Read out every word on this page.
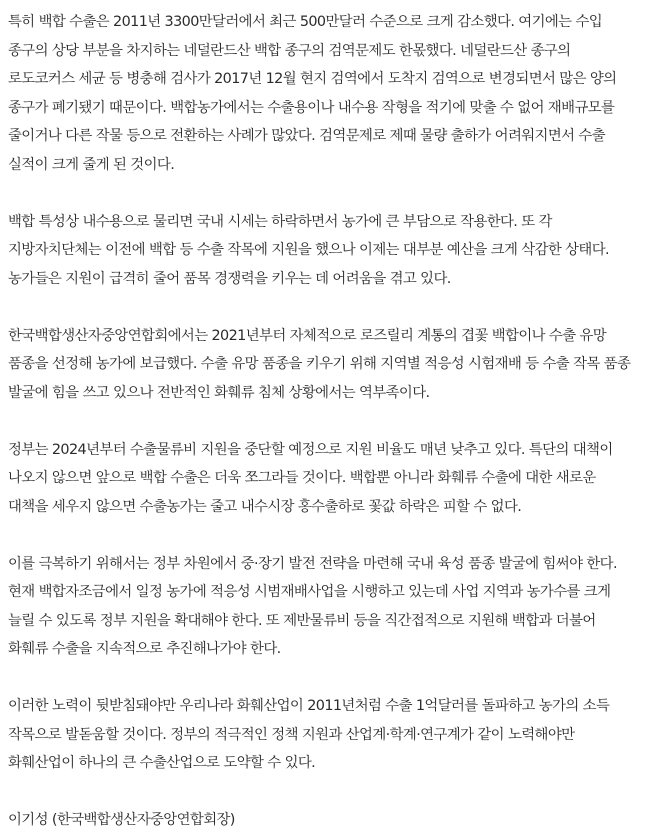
특히 백합 수출은 2011년 3300만달러에서 최근 500만달러 수준으로 크게 감소했다. 여기에는 수입 종구의 상당 부분을 차지하는 네덜란드산 백합 종구의 검역문제도 한몫했다. 네덜란드산 종구의 로도코커스 세균 등 병충해 검사가 2017년 12월 현지 검역에서 도착지 검역으로 변경되면서 많은 양의 종구가 폐기됐기 때문이다. 백합농가에서는 수출용이나 내수용 작형을 적기에 맞출 수 없어 재배규모를 줄이거나 다른 작물 등으로 전환하는 사례가 많았다. 검역문제로 제때 물량 출하가 어려워지면서 수출 실적이 크게 줄게 된 것이다.

백합 특성상 내수용으로 물리면 국내 시세는 하락하면서 농가에 큰 부담으로 작용한다. 또 각 지방자치단체는 이전에 백합 등 수출 작목에 지원을 했으나 이제는 대부분 예산을 크게 삭감한 상태다. 농가들은 지원이 급격히 줄어 품목 경쟁력을 키우는 데 어려움을 겪고 있다.

한국백합생산자중앙연합회에서는 2021년부터 자체적으로 로즈릴리 계통의 겹꽃 백합이나 수출 유망 품종을 선정해 농가에 보급했다. 수출 유망 품종을 키우기 위해 지역별 적응성 시험재배 등 수출 작목 품종 발굴에 힘을 쓰고 있으나 전반적인 화훼류 침체 상황에서는 역부족이다.

정부는 2024년부터 수출물류비 지원을 중단할 예정으로 지원 비율도 매년 낮추고 있다. 특단의 대책이 나오지 않으면 앞으로 백합 수출은 더욱 쪼그라들 것이다. 백합뿐 아니라 화훼류 수출에 대한 새로운 대책을 세우지 않으면 수출농가는 줄고 내수시장 홍수출하로 꽃값 하락은 피할 수 없다.

이를 극복하기 위해서는 정부 차원에서 중·장기 발전 전략을 마련해 국내 육성 품종 발굴에 힘써야 한다. 현재 백합자조금에서 일정 농가에 적응성 시범재배사업을 시행하고 있는데 사업 지역과 농가수를 크게 늘릴 수 있도록 정부 지원을 확대해야 한다. 또 제반물류비 등을 직간접적으로 지원해 백합과 더불어 화훼류 수출을 지속적으로 추진해나가야 한다.

이러한 노력이 뒷받침돼야만 우리나라 화훼산업이 2011년처럼 수출 1억달러를 돌파하고 농가의 소득 작목으로 발돋움할 것이다. 정부의 적극적인 정책 지원과 산업계·학계·연구계가 같이 노력해야만 화훼산업이 하나의 큰 수출산업으로 도약할 수 있다.

이기성 (한국백합생산자중앙연합회장)
